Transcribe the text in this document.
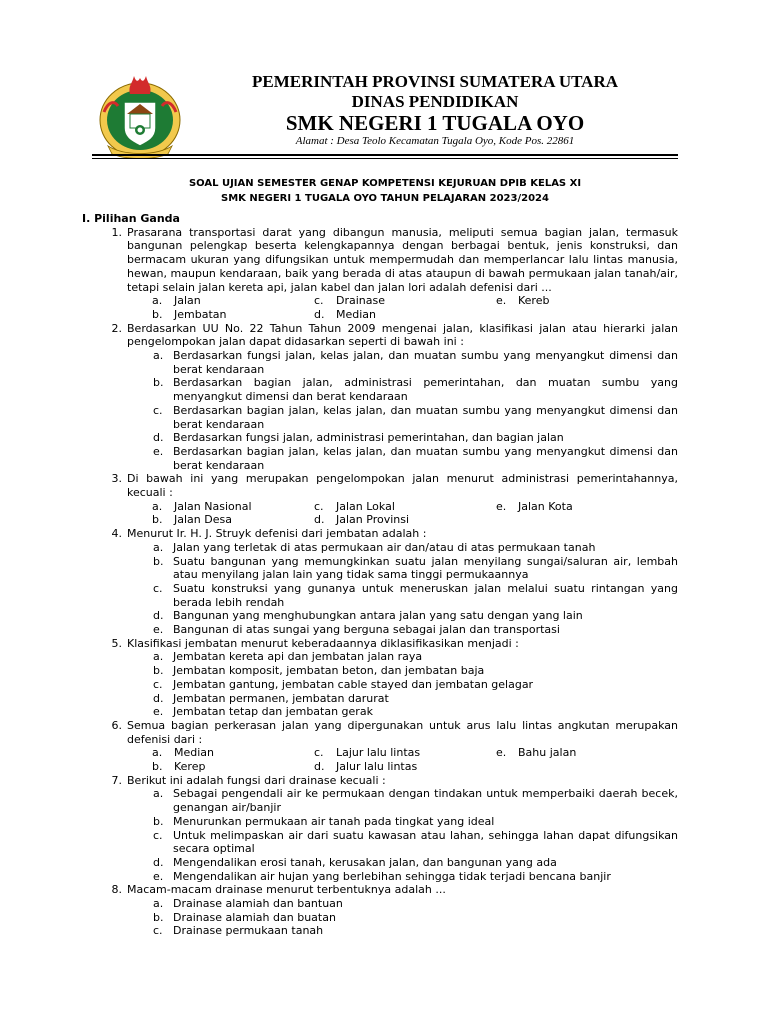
PEMERINTAH PROVINSI SUMATERA UTARA
DINAS PENDIDIKAN
SMK NEGERI 1 TUGALA OYO
Alamat : Desa Teolo Kecamatan Tugala Oyo, Kode Pos. 22861
SOAL UJIAN SEMESTER GENAP KOMPETENSI KEJURUAN DPIB KELAS XI
SMK NEGERI 1 TUGALA OYO TAHUN PELAJARAN 2023/2024
I. Pilihan Ganda
1. Prasarana transportasi darat yang dibangun manusia, meliputi semua bagian jalan, termasuk bangunan pelengkap beserta kelengkapannya dengan berbagai bentuk, jenis konstruksi, dan bermacam ukuran yang difungsikan untuk mempermudah dan memperlancar lalu lintas manusia, hewan, maupun kendaraan, baik yang berada di atas ataupun di bawah permukaan jalan tanah/air, tetapi selain jalan kereta api, jalan kabel dan jalan lori adalah defenisi dari ...
a. Jalan	c. Drainase	e. Kereb
b. Jembatan	d. Median
2. Berdasarkan UU No. 22 Tahun Tahun 2009 mengenai jalan, klasifikasi jalan atau hierarki jalan pengelompokan jalan dapat didasarkan seperti di bawah ini :
a. Berdasarkan fungsi jalan, kelas jalan, dan muatan sumbu yang menyangkut dimensi dan berat kendaraan
b. Berdasarkan bagian jalan, administrasi pemerintahan, dan muatan sumbu yang menyangkut dimensi dan berat kendaraan
c. Berdasarkan bagian jalan, kelas jalan, dan muatan sumbu yang menyangkut dimensi dan berat kendaraan
d. Berdasarkan fungsi jalan, administrasi pemerintahan, dan bagian jalan
e. Berdasarkan bagian jalan, kelas jalan, dan muatan sumbu yang menyangkut dimensi dan berat kendaraan
3. Di bawah ini yang merupakan pengelompokan jalan menurut administrasi pemerintahannya, kecuali :
a. Jalan Nasional	c. Jalan Lokal	e. Jalan Kota
b. Jalan Desa	d. Jalan Provinsi
4. Menurut Ir. H. J. Struyk defenisi dari jembatan adalah :
a. Jalan yang terletak di atas permukaan air dan/atau di atas permukaan tanah
b. Suatu bangunan yang memungkinkan suatu jalan menyilang sungai/saluran air, lembah atau menyilang jalan lain yang tidak sama tinggi permukaannya
c. Suatu konstruksi yang gunanya untuk meneruskan jalan melalui suatu rintangan yang berada lebih rendah
d. Bangunan yang menghubungkan antara jalan yang satu dengan yang lain
e. Bangunan di atas sungai yang berguna sebagai jalan dan transportasi
5. Klasifikasi jembatan menurut keberadaannya diklasifikasikan menjadi :
a. Jembatan kereta api dan jembatan jalan raya
b. Jembatan komposit, jembatan beton, dan jembatan baja
c. Jembatan gantung, jembatan cable stayed dan jembatan gelagar
d. Jembatan permanen, jembatan darurat
e. Jembatan tetap dan jembatan gerak
6. Semua bagian perkerasan jalan yang dipergunakan untuk arus lalu lintas angkutan merupakan defenisi dari :
a. Median	c. Lajur lalu lintas	e. Bahu jalan
b. Kerep	d. Jalur lalu lintas
7. Berikut ini adalah fungsi dari drainase kecuali :
a. Sebagai pengendali air ke permukaan dengan tindakan untuk memperbaiki daerah becek, genangan air/banjir
b. Menurunkan permukaan air tanah pada tingkat yang ideal
c. Untuk melimpaskan air dari suatu kawasan atau lahan, sehingga lahan dapat difungsikan secara optimal
d. Mengendalikan erosi tanah, kerusakan jalan, dan bangunan yang ada
e. Mengendalikan air hujan yang berlebihan sehingga tidak terjadi bencana banjir
8. Macam-macam drainase menurut terbentuknya adalah ...
a. Drainase alamiah dan bantuan
b. Drainase alamiah dan buatan
c. Drainase permukaan tanah
